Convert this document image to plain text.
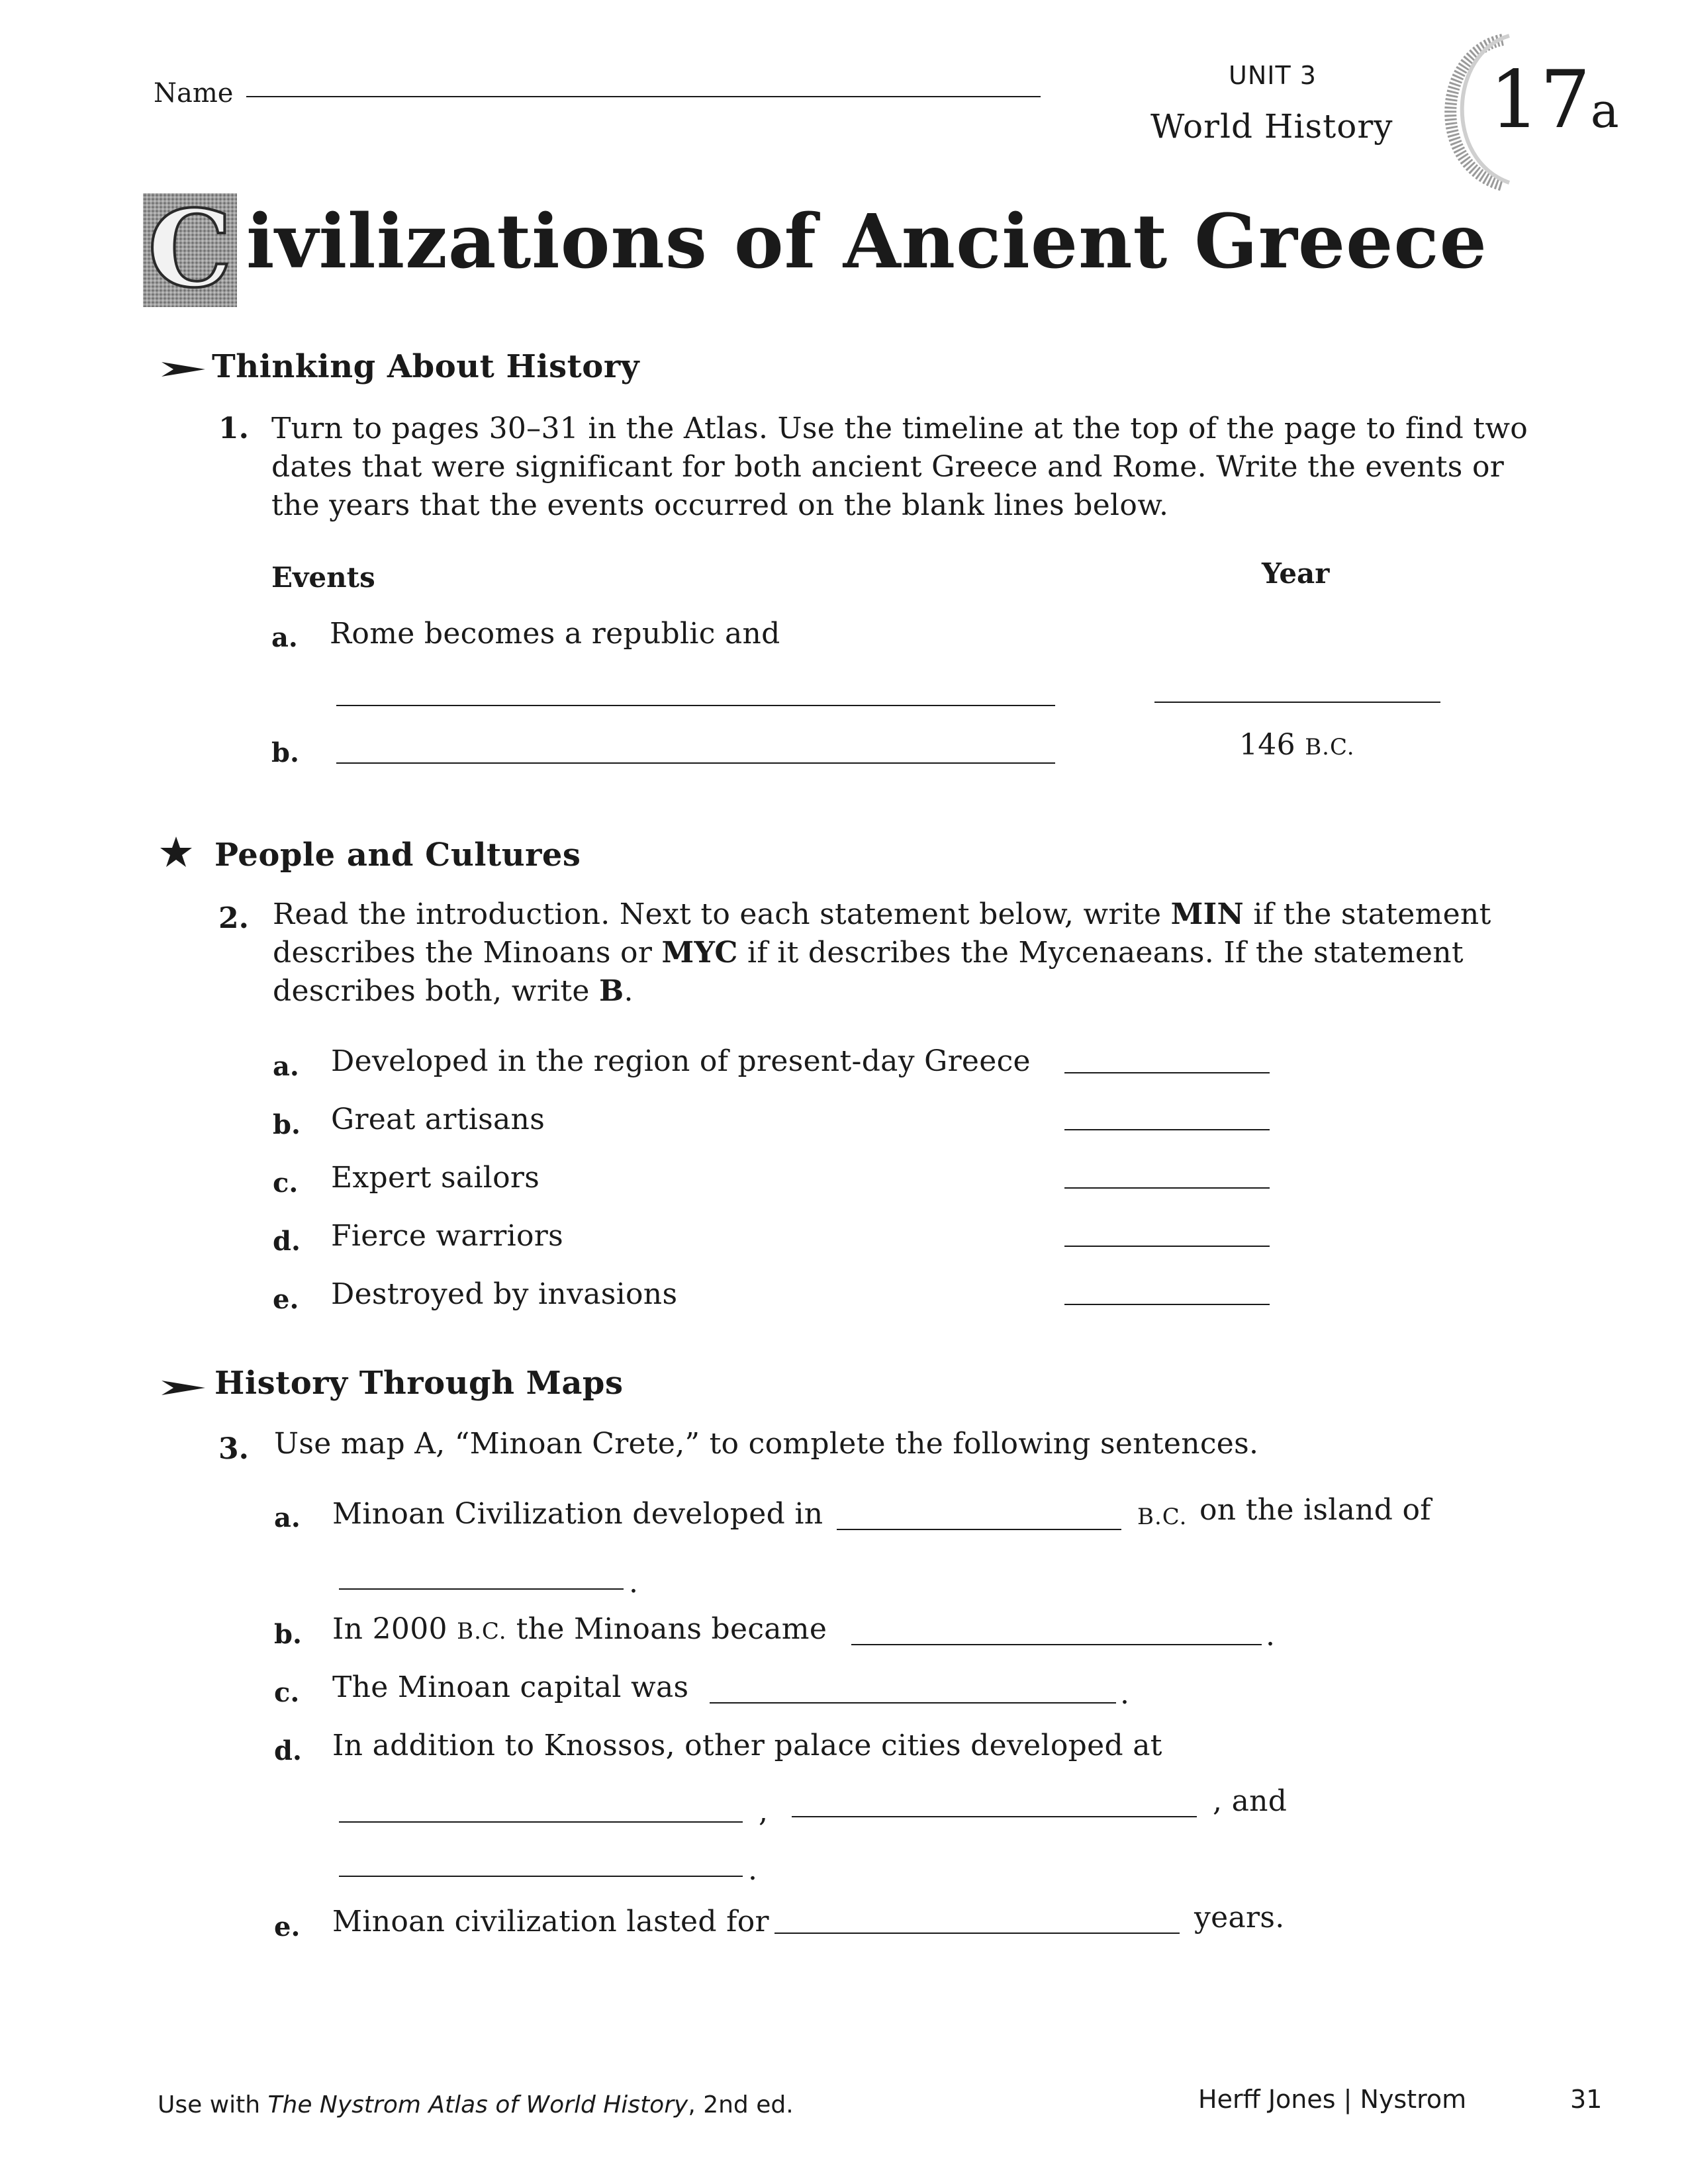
Name
UNIT 3
World History 17a
C ivilizations of Ancient Greece
Thinking About History
1. Turn to pages 30–31 in the Atlas. Use the timeline at the top of the page to find two
dates that were significant for both ancient Greece and Rome. Write the events or
the years that the events occurred on the blank lines below.
Events	Year
a. Rome becomes a republic and
b.	146 B.C.
People and Cultures
2. Read the introduction. Next to each statement below, write MIN if the statement
describes the Minoans or MYC if it describes the Mycenaeans. If the statement
describes both, write B.
a. Developed in the region of present-day Greece
b. Great artisans
c. Expert sailors
d. Fierce warriors
e. Destroyed by invasions
History Through Maps
3. Use map A, “Minoan Crete,” to complete the following sentences.
a. Minoan Civilization developed in	B.C. on the island of
.
b. In 2000 B.C. the Minoans became	.
c. The Minoan capital was	.
d. In addition to Knossos, other palace cities developed at
,	, and
.
e. Minoan civilization lasted for	years.
Use with The Nystrom Atlas of World History, 2nd ed.	Herff Jones | Nystrom	31
